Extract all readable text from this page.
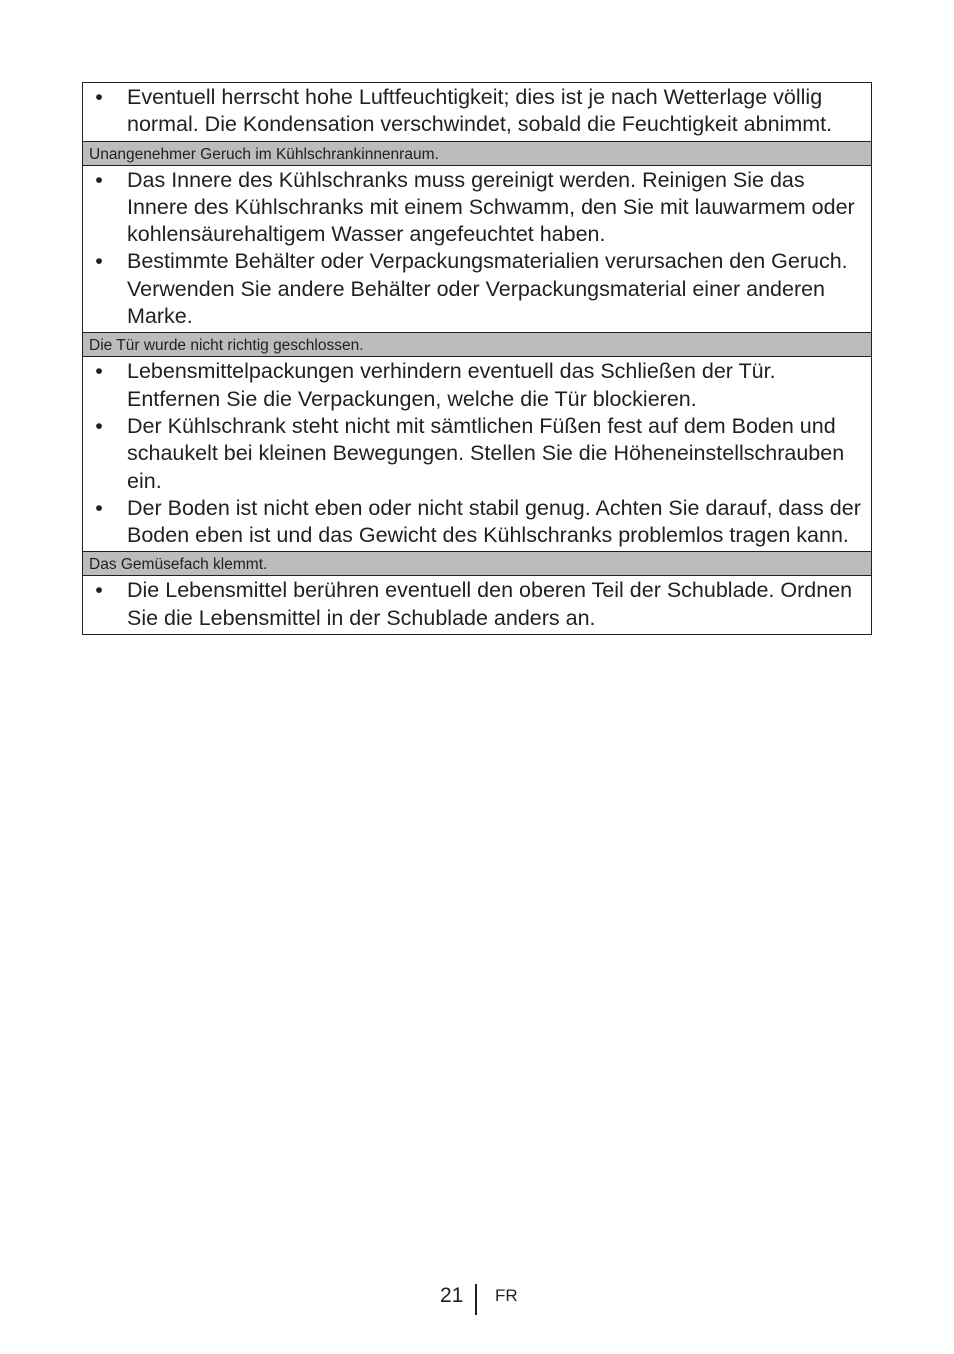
• Eventuell herrscht hohe Luftfeuchtigkeit; dies ist je nach Wetterlage völlig normal. Die Kondensation verschwindet, sobald die Feuchtigkeit abnimmt.
Unangenehmer Geruch im Kühlschrankinnenraum.
• Das Innere des Kühlschranks muss gereinigt werden. Reinigen Sie das Innere des Kühlschranks mit einem Schwamm, den Sie mit lauwarmem oder kohlensäurehaltigem Wasser angefeuchtet haben.
• Bestimmte Behälter oder Verpackungsmaterialien verursachen den Geruch. Verwenden Sie andere Behälter oder Verpackungsmaterial einer anderen Marke.
Die Tür wurde nicht richtig geschlossen.
• Lebensmittelpackungen verhindern eventuell das Schließen der Tür. Entfernen Sie die Verpackungen, welche die Tür blockieren.
• Der Kühlschrank steht nicht mit sämtlichen Füßen fest auf dem Boden und schaukelt bei kleinen Bewegungen. Stellen Sie die Höheneinstellschrauben ein.
• Der Boden ist nicht eben oder nicht stabil genug. Achten Sie darauf, dass der Boden eben ist und das Gewicht des Kühlschranks problemlos tragen kann.
Das Gemüsefach klemmt.
• Die Lebensmittel berühren eventuell den oberen Teil der Schublade. Ordnen Sie die Lebensmittel in der Schublade anders an.
21 FR
